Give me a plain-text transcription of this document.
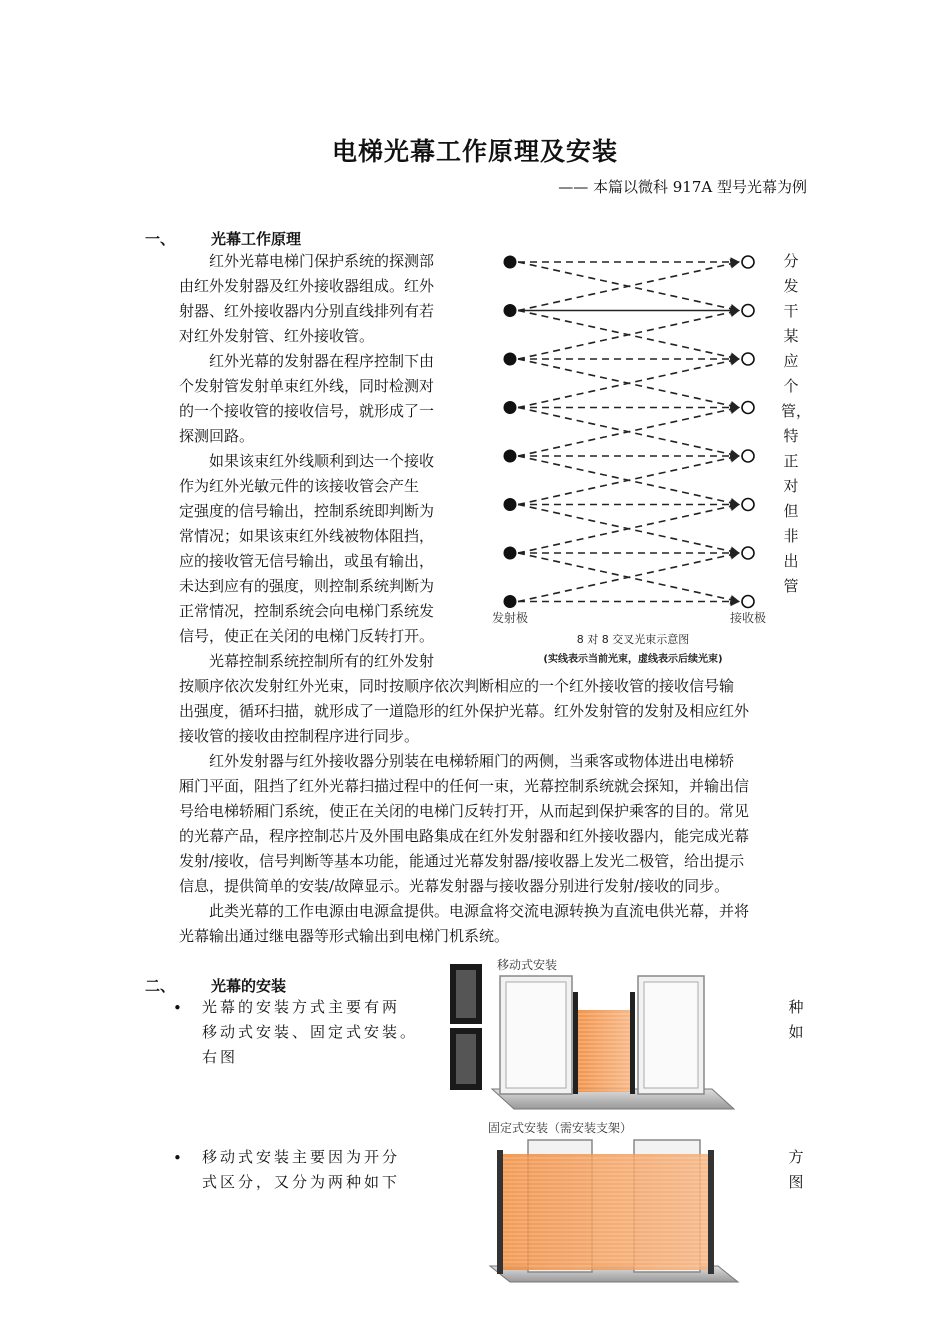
电梯光幕工作原理及安装
—— 本篇以微科 917A 型号光幕为例
一、 光幕工作原理
　　红外光幕电梯门保护系统的探测部
由红外发射器及红外接收器组成。红外
射器、红外接收器内分别直线排列有若
对红外发射管、红外接收管。
　　红外光幕的发射器在程序控制下由
个发射管发射单束红外线，同时检测对
的一个接收管的接收信号，就形成了一
探测回路。
　　如果该束红外线顺利到达一个接收
作为红外光敏元件的该接收管会产生
定强度的信号输出，控制系统即判断为
常情况；如果该束红外线被物体阻挡，
应的接收管无信号输出，或虽有输出，
未达到应有的强度，则控制系统判断为
正常情况，控制系统会向电梯门系统发
信号，使正在关闭的电梯门反转打开。
　　光幕控制系统控制所有的红外发射
分
发
干
某
应
个
管，
特
正
对
但
非
出
管
按顺序依次发射红外光束，同时按顺序依次判断相应的一个红外接收管的接收信号输
出强度，循环扫描，就形成了一道隐形的红外保护光幕。红外发射管的发射及相应红外
接收管的接收由控制程序进行同步。
　　红外发射器与红外接收器分别装在电梯轿厢门的两侧，当乘客或物体进出电梯轿
厢门平面，阻挡了红外光幕扫描过程中的任何一束，光幕控制系统就会探知，并输出信
号给电梯轿厢门系统，使正在关闭的电梯门反转打开，从而起到保护乘客的目的。常见
的光幕产品，程序控制芯片及外围电路集成在红外发射器和红外接收器内，能完成光幕
发射/接收，信号判断等基本功能，能通过光幕发射器/接收器上发光二极管，给出提示
信息，提供简单的安装/故障显示。光幕发射器与接收器分别进行发射/接收的同步。
　　此类光幕的工作电源由电源盒提供。电源盒将交流电源转换为直流电供光幕，并将
光幕输出通过继电器等形式输出到电梯门机系统。
发射极	接收极
8 对 8 交叉光束示意图
(实线表示当前光束，虚线表示后续光束)
二、 光幕的安装
• 光幕的安装方式主要有两
移动式安装、固定式安装。
右图
种
如
• 移动式安装主要因为开分
式区分，又分为两种如下
方
图
移动式安装
固定式安装（需安装支架）
